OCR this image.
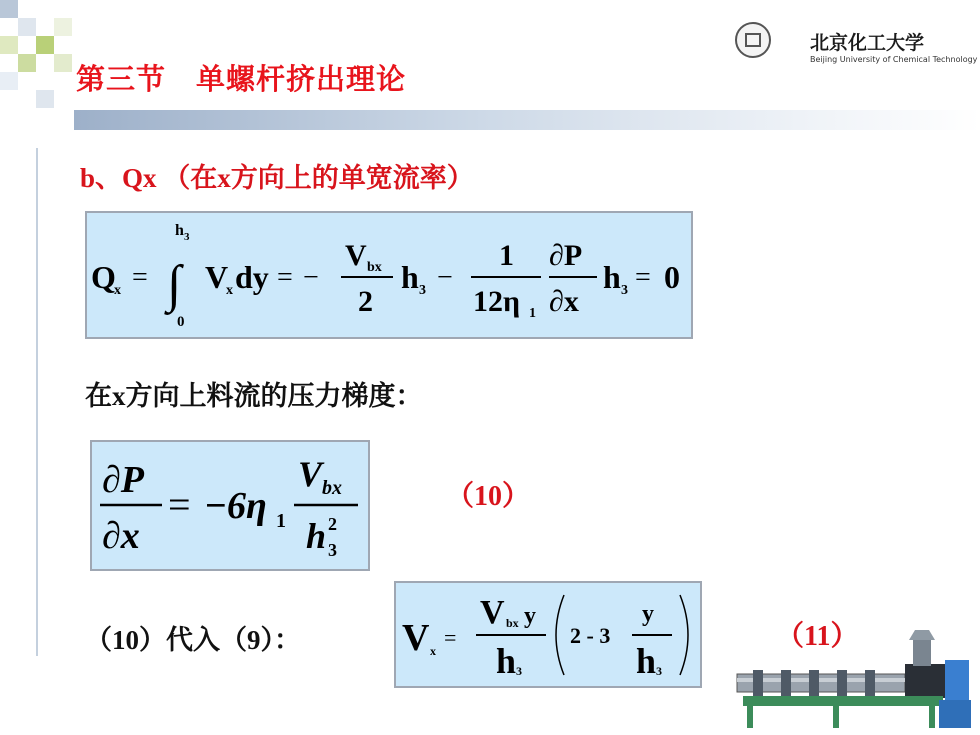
第三节　单螺杆挤出理论
北京化工大学
Beijing University of Chemical Technology
b、Qx （在x方向上的单宽流率）
Q
x =
h 3
∫
0
V
x dy = −
V bx
2
h 3 −
1
12η 1
∂P
∂x
h 3 = 0
在x方向上料流的压力梯度：
∂P
∂x
= −6η 1
V bx
h 2
3
（10）
（10）代入（9）：	V x
=
V bx y
h 3
2 - 3
y
h 3
（11）
